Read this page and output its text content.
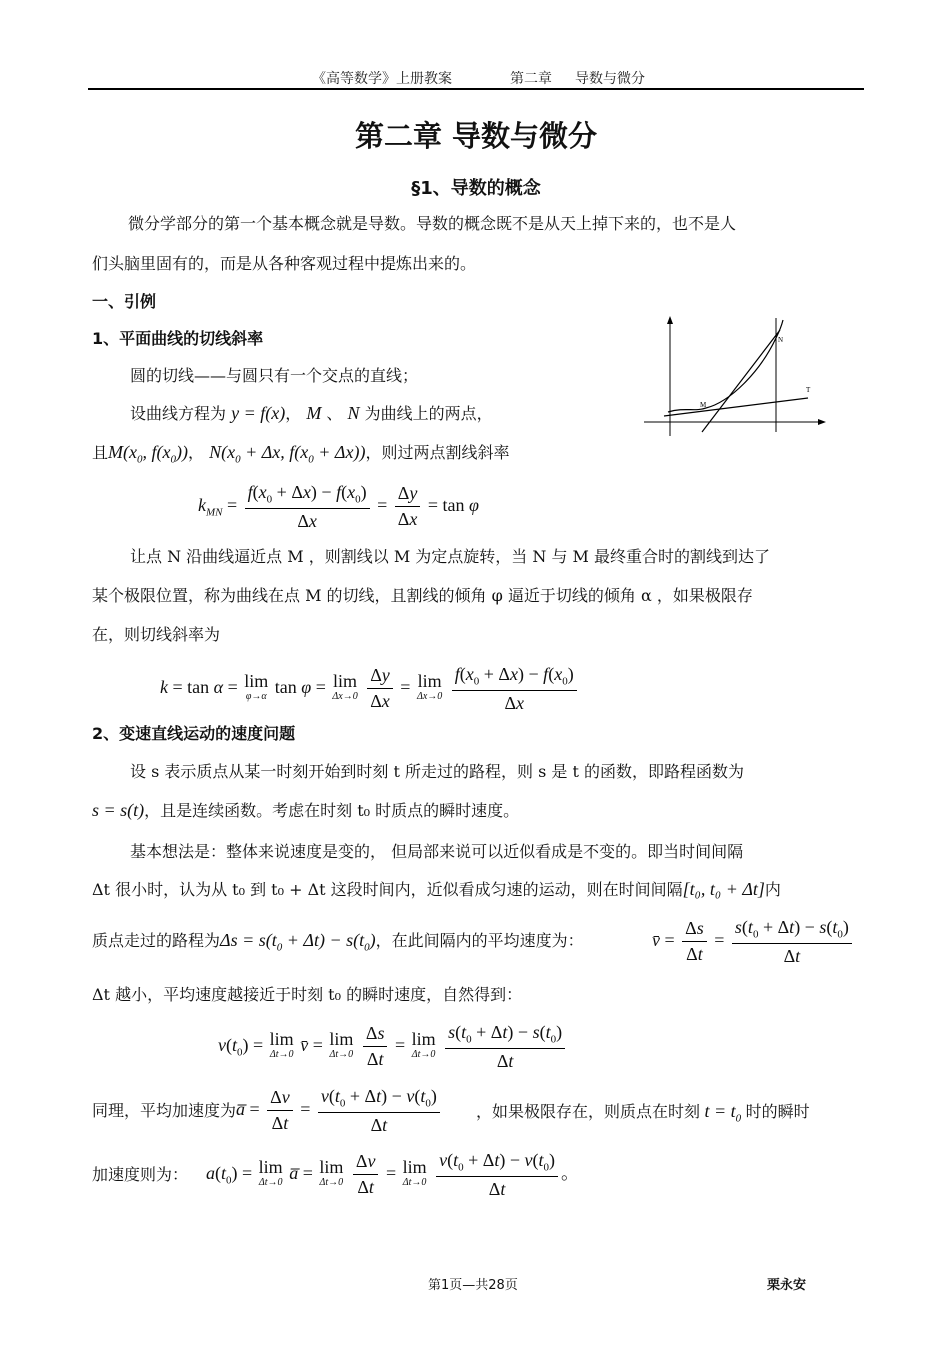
《高等数学》上册教案	第二章 导数与微分
第二章 导数与微分
§1、导数的概念
微分学部分的第一个基本概念就是导数。导数的概念既不是从天上掉下来的，也不是人
们头脑里固有的，而是从各种客观过程中提炼出来的。
一、引例
1、平面曲线的切线斜率
圆的切线——与圆只有一个交点的直线；
设曲线方程为 y = f(x)， M 、 N 为曲线上的两点，
且$M(x_0$, $f(x_0)$)， $N(x_0 + \Delta x$, $f(x_0 + \Delta x)$)，则过两点割线斜率
$k_{MN} = \frac{f(x_0 + \Delta x) - f(x_0)}{\Delta x} = \frac{\Delta y}{\Delta x} = \tan \varphi$
N
M
T
让点 N 沿曲线逼近点 M ，则割线以 M 为定点旋转，当 N 与 M 最终重合时的割线到达了
某个极限位置，称为曲线在点 M 的切线，且割线的倾角 φ 逼近于切线的倾角 α ，如果极限存
在，则切线斜率为
k = tan α = lim
φ→α tan φ = lim
Δx→0
$\frac{\Delta y}{\Delta x} = \lim$
Δx→0
$\frac{f(x_0 + \Delta x) - f(x_0)}{\Delta x}$
2、变速直线运动的速度问题
设 s 表示质点从某一时刻开始到时刻 t 所走过的路程，则 s 是 t 的函数，即路程函数为
s = s(t)，且是连续函数。考虑在时刻 t₀ 时质点的瞬时速度。
基本想法是：整体来说速度是变的， 但局部来说可以近似看成是不变的。即当时间间隔
Δt 很小时，认为从 t₀ 到 t₀ + Δt 这段时间内，近似看成匀速的运动，则在时间间隔[t₀, t₀ + Δt]内
质点走过的路程为$\Delta s = s(t_0 + \Delta t) - s(t_0)$，在此间隔内的平均速度为：	v̄ = $\frac{\Delta s}{\Delta t} = \frac{s(t_0 + \Delta t) - s(t_0)}{\Delta t}$
Δt 越小，平均速度越接近于时刻 t₀ 的瞬时速度，自然得到：
$v(t_0) = \lim$
Δt→0 v̄ = lim
Δt→0
$\frac{\Delta s}{\Delta t} = \lim$
Δt→0
$\frac{s(t_0 + \Delta t) - s(t_0)}{\Delta t}$
同理，平均加速度为 a̅ = $\frac{\Delta v}{\Delta t} = \frac{v(t_0 + \Delta t) - v(t_0)}{\Delta t}$ ，如果极限存在，则质点在时刻 $t = t_0$ 时的瞬时
加速度则为： $a(t_0) = \lim$
Δt→0 a̅ = lim
Δt→0
$\frac{\Delta v}{\Delta t} = \lim$
Δt→0
$\frac{v(t_0 + \Delta t) - v(t_0)}{\Delta t}$ 。
第1页—共28页	栗永安
